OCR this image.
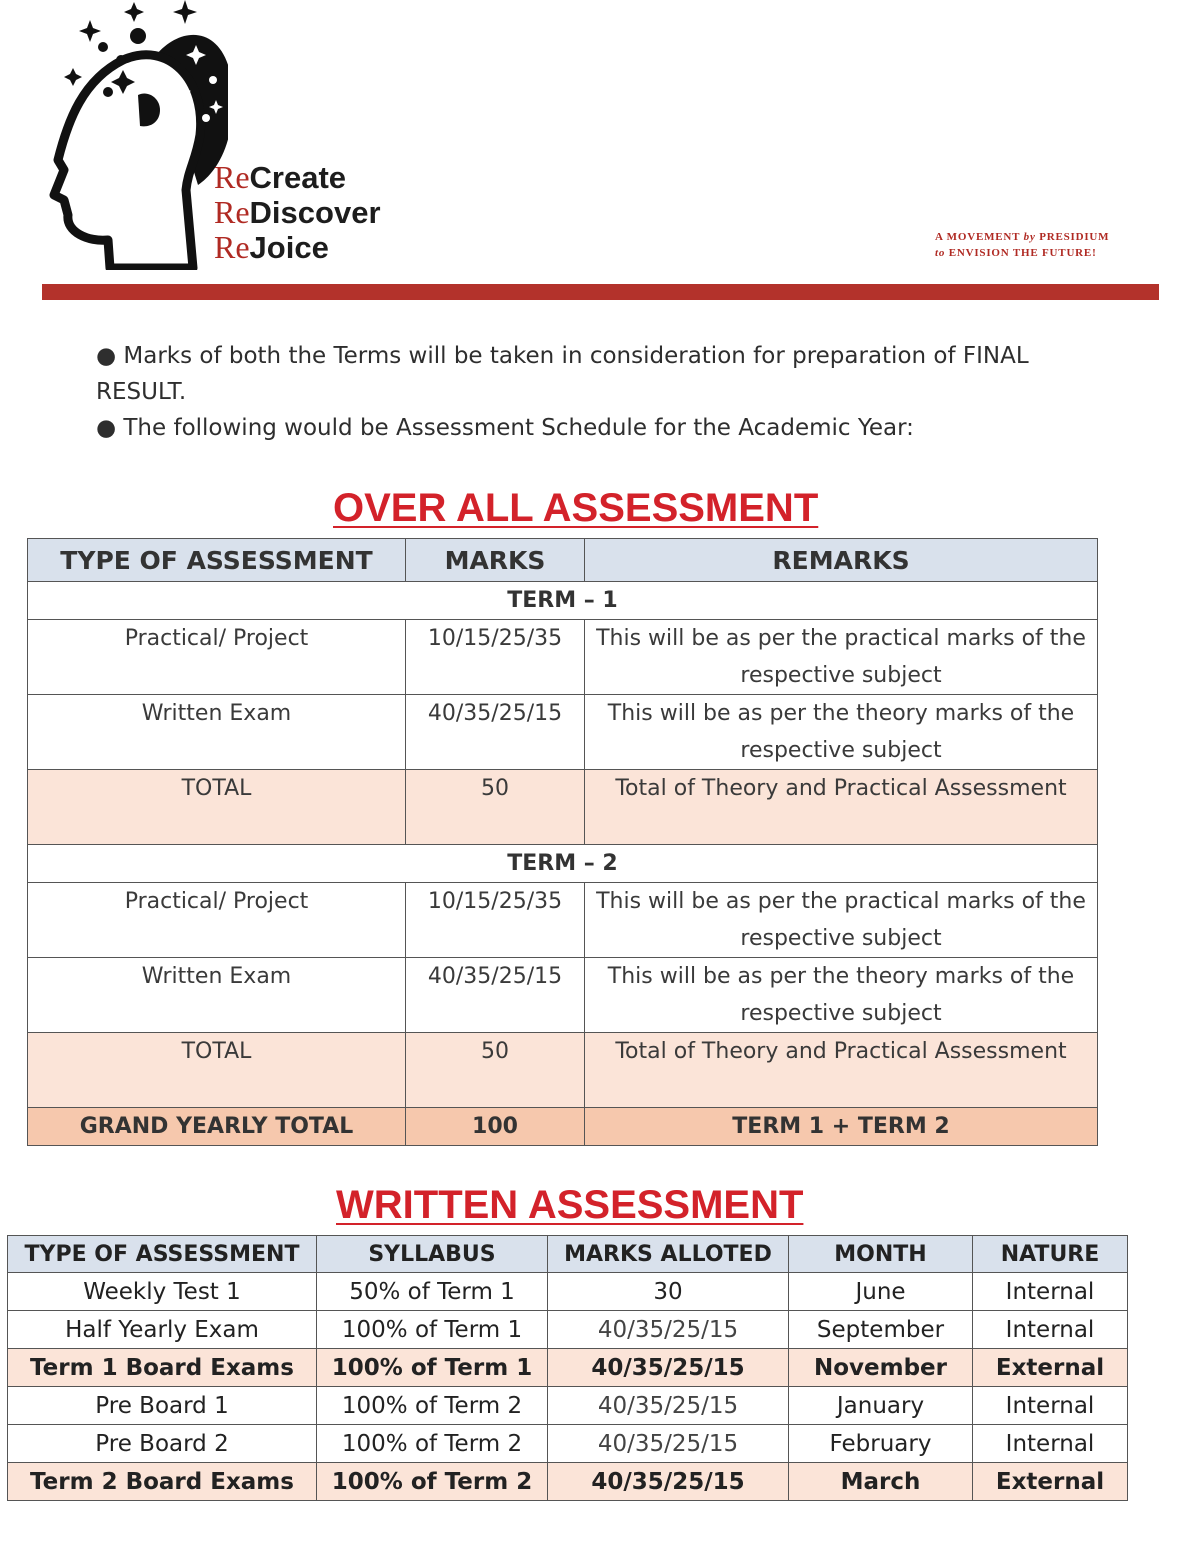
ReCreate
ReDiscover
ReJoice	A MOVEMENT by PRESIDIUM
to ENVISION THE FUTURE!

● Marks of both the Terms will be taken in consideration for preparation of FINAL RESULT.

● The following would be Assessment Schedule for the Academic Year:

OVER ALL ASSESSMENT
TYPE OF ASSESSMENT	MARKS	REMARKS
TERM – 1		
Practical/ Project	10/15/25/35	This will be as per the practical marks of the respective subject
Written Exam	40/35/25/15	This will be as per the theory marks of the respective subject
TOTAL	50	Total of Theory and Practical Assessment
TERM – 2		
Practical/ Project	10/15/25/35	This will be as per the practical marks of the respective subject
Written Exam	40/35/25/15	This will be as per the theory marks of the respective subject
TOTAL	50	Total of Theory and Practical Assessment
GRAND YEARLY TOTAL	100	TERM 1 + TERM 2
WRITTEN ASSESSMENT
TYPE OF ASSESSMENT	SYLLABUS	MARKS ALLOTED	MONTH	NATURE
Weekly Test 1	50% of Term 1	30	June	Internal
Half Yearly Exam	100% of Term 1	40/35/25/15	September	Internal
Term 1 Board Exams	100% of Term 1	40/35/25/15	November	External
Pre Board 1	100% of Term 2	40/35/25/15	January	Internal
Pre Board 2	100% of Term 2	40/35/25/15	February	Internal
Term 2 Board Exams	100% of Term 2	40/35/25/15	March	External
